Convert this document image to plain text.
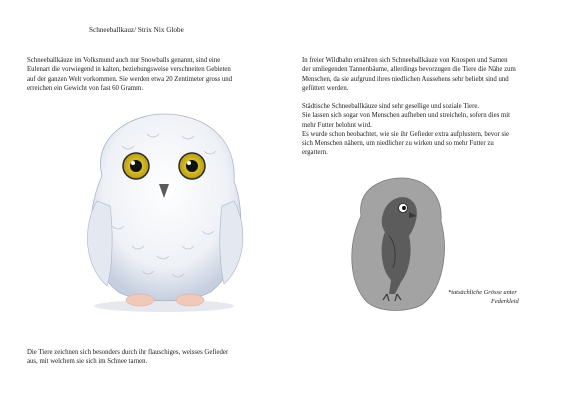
Schneeballkauz/ Strix Nix Globe

Schneeballkäuze im Volksmund auch nur Snowballs genannt, sind eine
Eulenart die vorwiegend in kalten, beziehungsweise verschneiten Gebieten
auf der ganzen Welt vorkommen. Sie werden etwa 20 Zentimeter gross und
erreichen ein Gewicht von fast 60 Gramm.

Die Tiere zeichnen sich besonders durch ihr flauschiges, weisses Gefieder
aus, mit welchem sie sich im Schnee tarnen.

In freier Wildbahn ernähren sich Schneeballkäuze von Knospen und Samen
der umliegenden Tannenbäume, allerdings bevorzugen die Tiere die Nähe zum
Menschen, da sie aufgrund ihres niedlichen Aussehens sehr beliebt sind und
gefüttert werden.

Städtische Schneeballkäuze sind sehr gesellige und soziale Tiere.
Sie lassen sich sogar von Menschen aufheben und streicheln, sofern dies mit
mehr Futter belohnt wird.
Es wurde schon beobachtet, wie sie ihr Gefieder extra aufplustern, bevor sie
sich Menschen nähern, um niedlicher zu wirken und so mehr Futter zu
ergattern.

*tatsächliche Grösse unter
Federkleid
